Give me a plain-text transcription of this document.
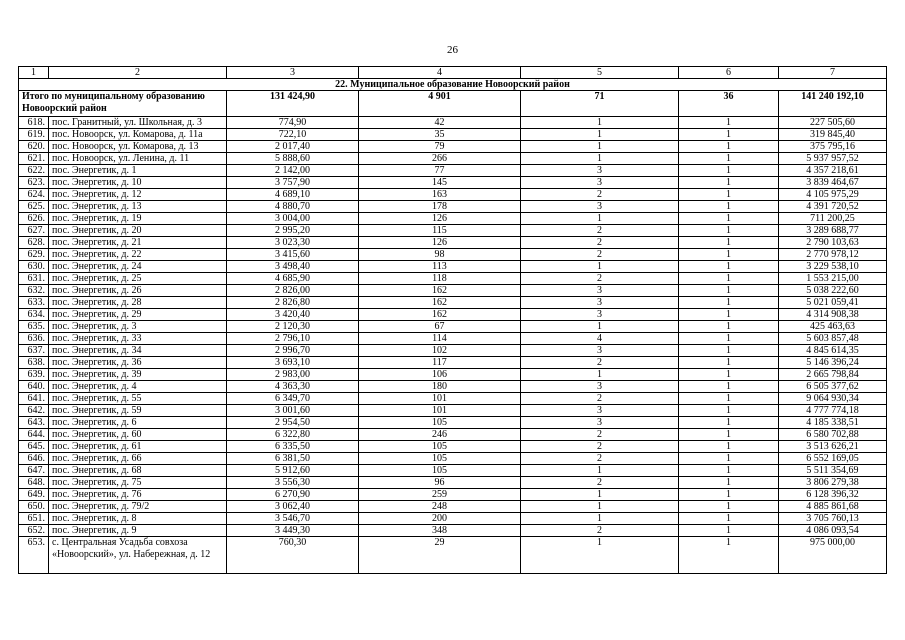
26
1	2	3	4	5	6	7
22. Муниципальное образование Новоорский район						
Итого по муниципальному образованию Новоорский район		131 424,90	4 901	71	36	141 240 192,10
618.	пос. Гранитный, ул. Школьная, д. 3	774,90	42	1	1	227 505,60
619.	пос. Новоорск, ул. Комарова, д. 11а	722,10	35	1	1	319 845,40
620.	пос. Новоорск, ул. Комарова, д. 13	2 017,40	79	1	1	375 795,16
621.	пос. Новоорск, ул. Ленина, д. 11	5 888,60	266	1	1	5 937 957,52
622.	пос. Энергетик, д. 1	2 142,00	77	3	1	4 357 218,61
623.	пос. Энергетик, д. 10	3 757,90	145	3	1	3 839 464,67
624.	пос. Энергетик, д. 12	4 689,10	163	2	1	4 105 975,29
625.	пос. Энергетик, д. 13	4 880,70	178	3	1	4 391 720,52
626.	пос. Энергетик, д. 19	3 004,00	126	1	1	711 200,25
627.	пос. Энергетик, д. 20	2 995,20	115	2	1	3 289 688,77
628.	пос. Энергетик, д. 21	3 023,30	126	2	1	2 790 103,63
629.	пос. Энергетик, д. 22	3 415,60	98	2	1	2 770 978,12
630.	пос. Энергетик, д. 24	3 498,40	113	1	1	3 229 538,10
631.	пос. Энергетик, д. 25	4 685,90	118	2	1	1 553 215,00
632.	пос. Энергетик, д. 26	2 826,00	162	3	1	5 038 222,60
633.	пос. Энергетик, д. 28	2 826,80	162	3	1	5 021 059,41
634.	пос. Энергетик, д. 29	3 420,40	162	3	1	4 314 908,38
635.	пос. Энергетик, д. 3	2 120,30	67	1	1	425 463,63
636.	пос. Энергетик, д. 33	2 796,10	114	4	1	5 603 857,48
637.	пос. Энергетик, д. 34	2 996,70	102	3	1	4 845 614,35
638.	пос. Энергетик, д. 36	3 693,10	117	2	1	5 146 396,24
639.	пос. Энергетик, д. 39	2 983,00	106	1	1	2 665 798,84
640.	пос. Энергетик, д. 4	4 363,30	180	3	1	6 505 377,62
641.	пос. Энергетик, д. 55	6 349,70	101	2	1	9 064 930,34
642.	пос. Энергетик, д. 59	3 001,60	101	3	1	4 777 774,18
643.	пос. Энергетик, д. 6	2 954,50	105	3	1	4 185 338,51
644.	пос. Энергетик, д. 60	6 322,80	246	2	1	6 580 702,88
645.	пос. Энергетик, д. 61	6 335,50	105	2	1	3 513 626,21
646.	пос. Энергетик, д. 66	6 381,50	105	2	1	6 552 169,05
647.	пос. Энергетик, д. 68	5 912,60	105	1	1	5 511 354,69
648.	пос. Энергетик, д. 75	3 556,30	96	2	1	3 806 279,38
649.	пос. Энергетик, д. 76	6 270,90	259	1	1	6 128 396,32
650.	пос. Энергетик, д. 79/2	3 062,40	248	1	1	4 885 861,68
651.	пос. Энергетик, д. 8	3 546,70	200	1	1	3 705 760,13
652.	пос. Энергетик, д. 9	3 449,30	348	2	1	4 086 093,54
653.	с. Центральная Усадьба совхоза «Новоорский», ул. Набережная, д. 12	760,30	29	1	1	975 000,00
